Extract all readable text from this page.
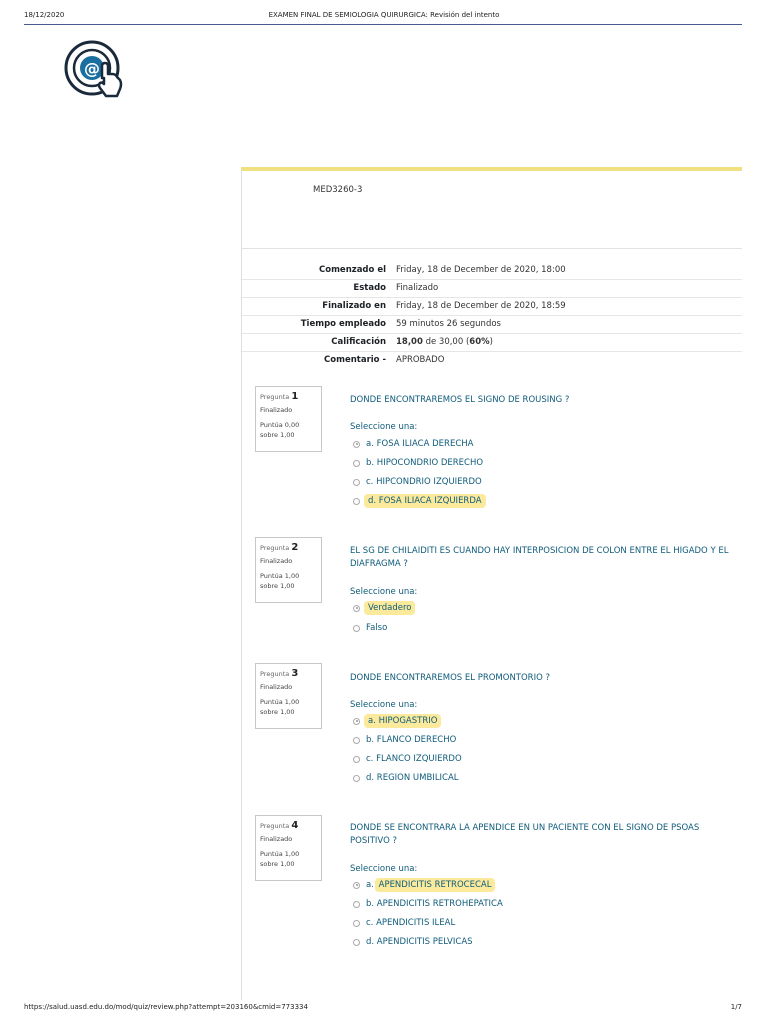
18/12/2020	EXAMEN FINAL DE SEMIOLOGIA QUIRURGICA: Revisión del intento
@
MED3260-3
Comenzado el	Friday, 18 de December de 2020, 18:00
Estado	Finalizado
Finalizado en	Friday, 18 de December de 2020, 18:59
Tiempo empleado	59 minutos 26 segundos
Calificación	18,00 de 30,00 (60%)
Comentario -	APROBADO
Pregunta 1
Finalizado
Puntúa 0,00 sobre 1,00
DONDE ENCONTRAREMOS EL SIGNO DE ROUSING ?
Seleccione una:
a. FOSA ILIACA DERECHA
b. HIPOCONDRIO DERECHO
c. HIPCONDRIO IZQUIERDO
d. FOSA ILIACA IZQUIERDA
Pregunta 2
Finalizado
Puntúa 1,00 sobre 1,00
EL SG DE CHILAIDITI ES CUANDO HAY INTERPOSICION DE COLON ENTRE EL HIGADO Y EL DIAFRAGMA ?
Seleccione una:
Verdadero
Falso
Pregunta 3
Finalizado
Puntúa 1,00 sobre 1,00
DONDE ENCONTRAREMOS EL PROMONTORIO ?
Seleccione una:
a. HIPOGASTRIO
b. FLANCO DERECHO
c. FLANCO IZQUIERDO
d. REGION UMBILICAL
Pregunta 4
Finalizado
Puntúa 1,00 sobre 1,00
DONDE SE ENCONTRARA LA APENDICE EN UN PACIENTE CON EL SIGNO DE PSOAS POSITIVO ?
Seleccione una:
a.
APENDICITIS RETROCECAL
b. APENDICITIS RETROHEPATICA
c. APENDICITIS ILEAL
d. APENDICITIS PELVICAS
https://salud.uasd.edu.do/mod/quiz/review.php?attempt=203160&cmid=773334	1/7
